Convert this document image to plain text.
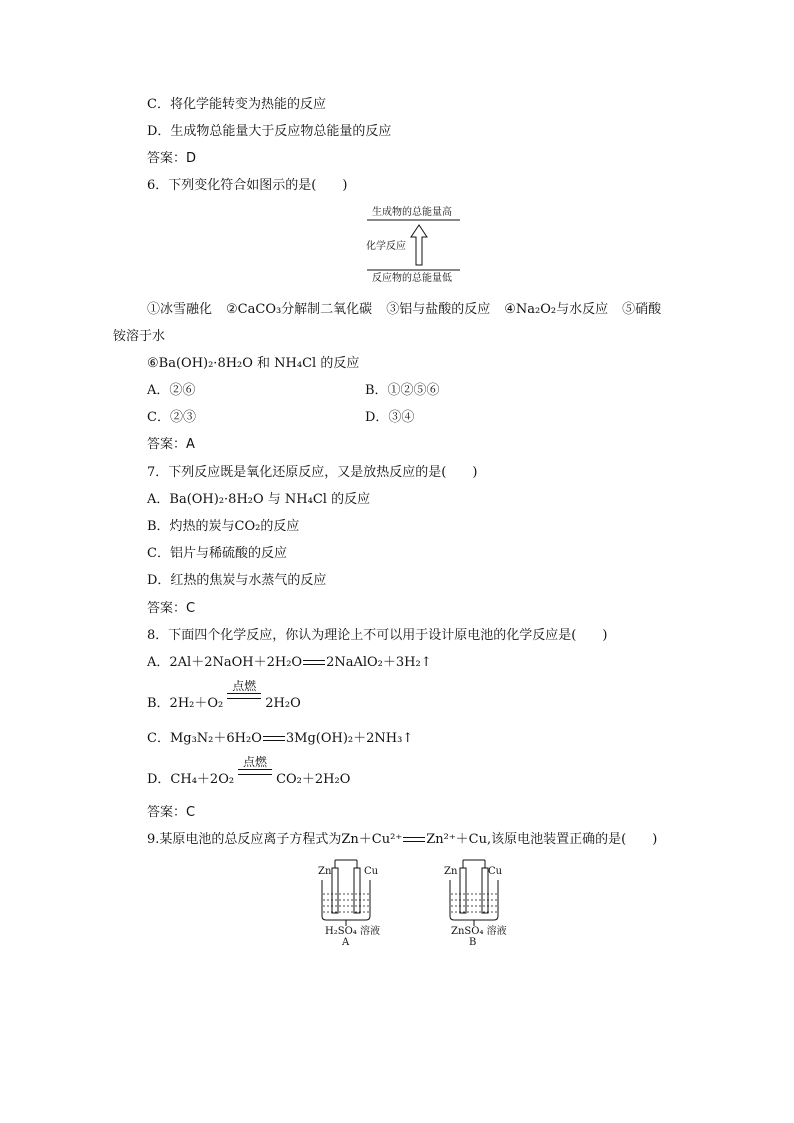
C．将化学能转变为热能的反应
D．生成物总能量大于反应物总能量的反应
答案：D
6．下列变化符合如图示的是(　　)
生成物的总能量高
化学反应
反应物的总能量低
①冰雪融化 ②CaCO₃分解制二氧化碳 ③铝与盐酸的反应 ④Na₂O₂与水反应 ⑤硝酸
铵溶于水
⑥Ba(OH)₂·8H₂O 和 NH₄Cl 的反应
A．②⑥	B．①②⑤⑥
C．②③	D．③④
答案：A
7．下列反应既是氧化还原反应，又是放热反应的是(　　)
A．Ba(OH)₂·8H₂O 与 NH₄Cl 的反应
B．灼热的炭与CO₂的反应
C．铝片与稀硫酸的反应
D．红热的焦炭与水蒸气的反应
答案：C
8．下面四个化学反应，你认为理论上不可以用于设计原电池的化学反应是(　　)
A．2Al＋2NaOH＋2H₂O 2NaAlO₂＋3H₂↑
B．2H₂＋O₂
点燃
2H₂O
C．Mg₃N₂＋6H₂O 3Mg(OH)₂＋2NH₃↑
D．CH₄＋2O₂
点燃
CO₂＋2H₂O
答案：C
9.某原电池的总反应离子方程式为Zn＋Cu²⁺ Zn²⁺＋Cu,该原电池装置正确的是(　　)
Zn	Cu
H₂SO₄ 溶液
A
Zn	Cu
ZnSO₄ 溶液
B
